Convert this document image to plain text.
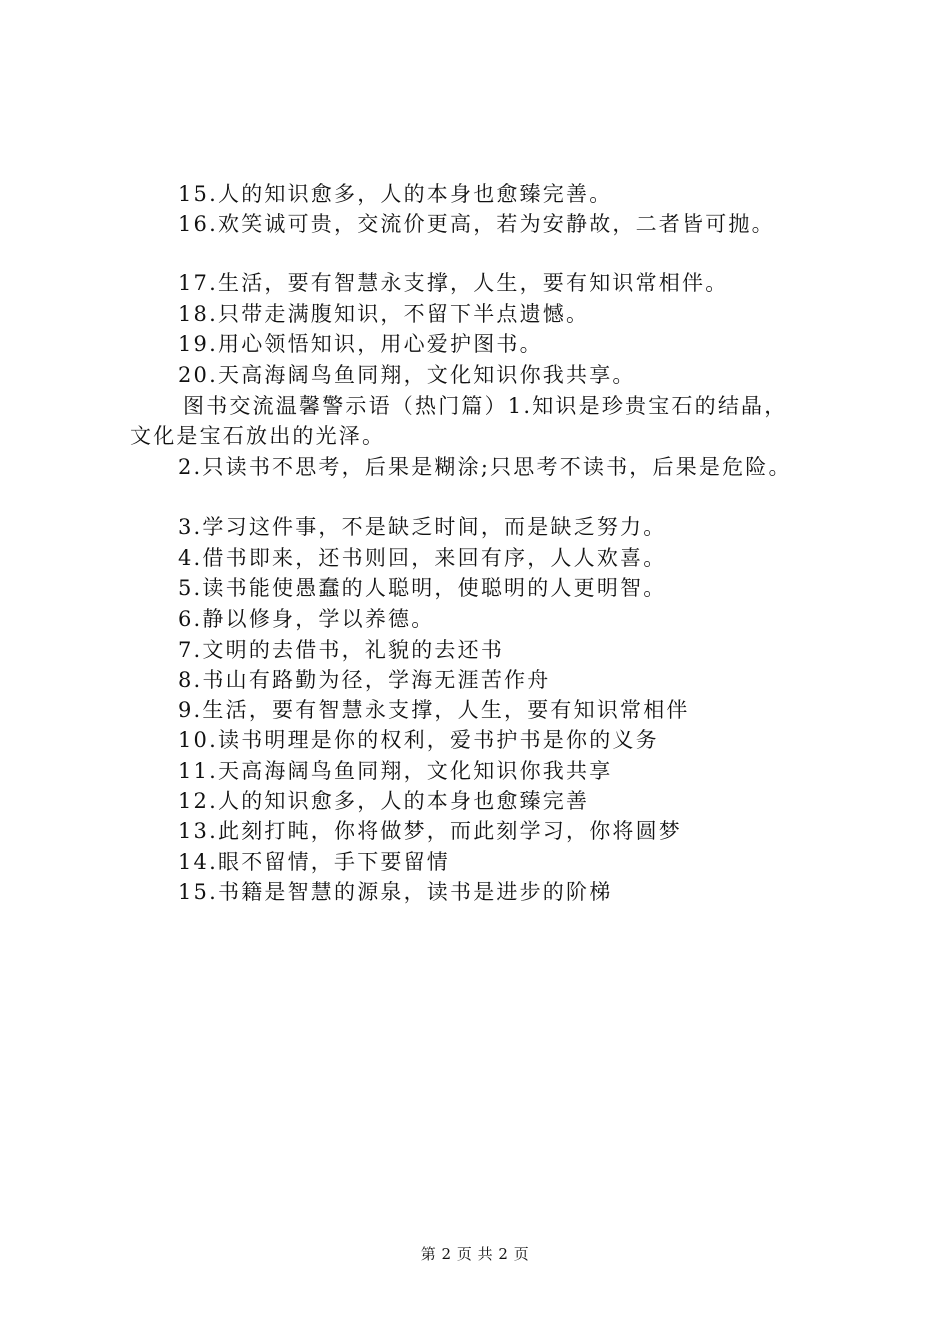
15.人的知识愈多，人的本身也愈臻完善。
16.欢笑诚可贵，交流价更高，若为安静故，二者皆可抛。
17.生活，要有智慧永支撑，人生，要有知识常相伴。
18.只带走满腹知识，不留下半点遗憾。
19.用心领悟知识，用心爱护图书。
20.天高海阔鸟鱼同翔，文化知识你我共享。
图书交流温馨警示语（热门篇）1.知识是珍贵宝石的结晶，
文化是宝石放出的光泽。
2.只读书不思考，后果是糊涂;只思考不读书，后果是危险。
3.学习这件事，不是缺乏时间，而是缺乏努力。
4.借书即来，还书则回，来回有序，人人欢喜。
5.读书能使愚蠢的人聪明，使聪明的人更明智。
6.静以修身，学以养德。
7.文明的去借书，礼貌的去还书
8.书山有路勤为径，学海无涯苦作舟
9.生活，要有智慧永支撑，人生，要有知识常相伴
10.读书明理是你的权利，爱书护书是你的义务
11.天高海阔鸟鱼同翔，文化知识你我共享
12.人的知识愈多，人的本身也愈臻完善
13.此刻打盹，你将做梦，而此刻学习，你将圆梦
14.眼不留情，手下要留情
15.书籍是智慧的源泉，读书是进步的阶梯
第 2 页 共 2 页
